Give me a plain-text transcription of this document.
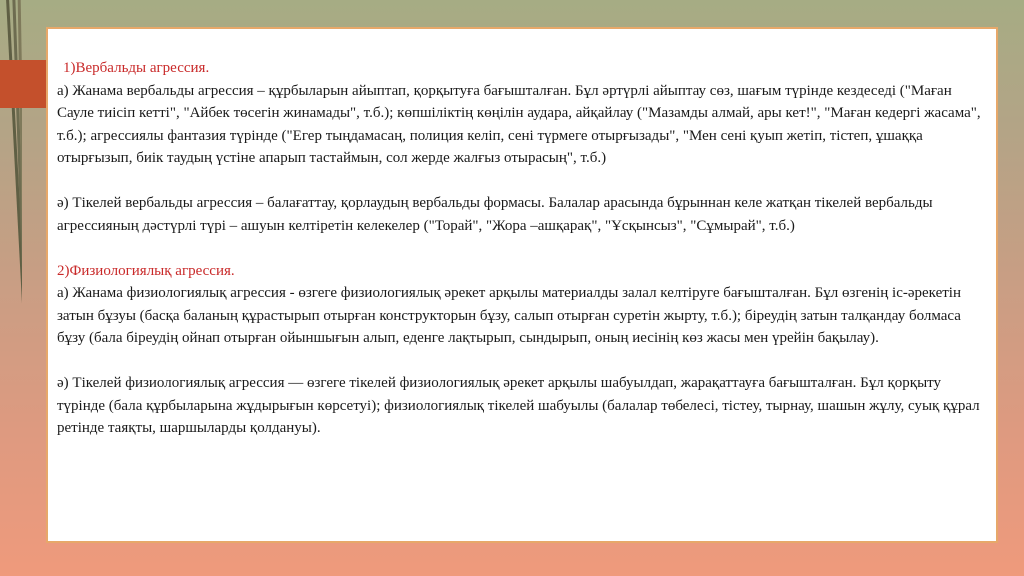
1)Вербальды агрессия.

а) Жанама вербальды агрессия – құрбыларын айыптап, қорқытуға бағышталған. Бұл әртүрлі айыптау сөз, шағым түрінде кездеседі ("Маған Сауле тиісіп кетті", "Айбек төсегін жинамады", т.б.); көпшіліктің көңілін аудара, айқайлау ("Мазамды алмай, ары кет!", "Маған кедергі жасама", т.б.); агрессиялы фантазия түрінде ("Егер тыңдамасаң, полиция келіп, сені түрмеге отырғызады", "Мен сені қуып жетіп, тістеп, ұшаққа отырғызып, биік таудың үстіне апарып тастаймын, сол жерде жалғыз отырасың", т.б.)

ә) Тікелей вербальды агрессия – балағаттау, қорлаудың вербальды формасы. Балалар арасында бұрыннан келе жатқан тікелей вербальды агрессияның дәстүрлі түрі – ашуын келтіретін келекелер ("Торай", "Жора –ашқарақ", "Ұсқынсыз", "Сұмырай", т.б.)

2)Физиологиялық агрессия.

а) Жанама физиологиялық агрессия - өзгеге физиологиялық әрекет арқылы материалды залал келтіруге бағышталған. Бұл өзгенің іс-әрекетін затын бұзуы (басқа баланың құрастырып отырған конструкторын бұзу, салып отырған суретін жырту, т.б.); біреудің затын талқандау болмаса бұзу (бала біреудің ойнап отырған ойыншығын алып, еденге лақтырып, сындырып, оның иесінің көз жасы мен үрейін бақылау).

ә) Тікелей физиологиялық агрессия — өзгеге тікелей физиологиялық әрекет арқылы шабуылдап, жарақаттауға бағышталған. Бұл қорқыту түрінде (бала құрбыларына жұдырығын көрсетуі); физиологиялық тікелей шабуылы (балалар төбелесі, тістеу, тырнау, шашын жұлу, суық құрал ретінде таяқты, шаршыларды қолдануы).
